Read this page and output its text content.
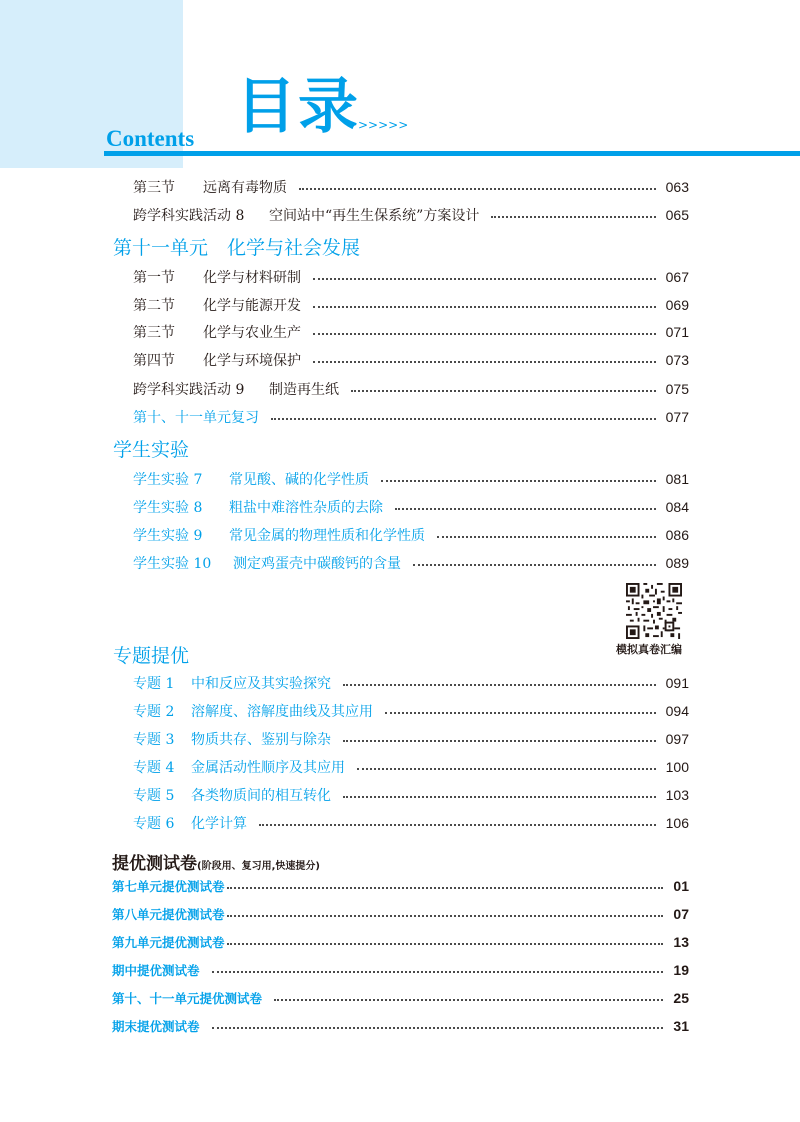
目录
>>>>>
Contents
第三节	远离有毒物质	063
跨学科实践活动 8	空间站中“再生生保系统”方案设计	065
第十一单元　化学与社会发展
第一节	化学与材料研制	067
第二节	化学与能源开发	069
第三节	化学与农业生产	071
第四节	化学与环境保护	073
跨学科实践活动 9	制造再生纸	075
第十、十一单元复习	077
学生实验
学生实验 7	常见酸、碱的化学性质	081
学生实验 8	粗盐中难溶性杂质的去除	084
学生实验 9	常见金属的物理性质和化学性质	086
学生实验 10	测定鸡蛋壳中碳酸钙的含量	089
模拟真卷汇编
专题提优
专题 1	中和反应及其实验探究	091
专题 2	溶解度、溶解度曲线及其应用	094
专题 3	物质共存、鉴别与除杂	097
专题 4	金属活动性顺序及其应用	100
专题 5	各类物质间的相互转化	103
专题 6	化学计算	106
提优测试卷(阶段用、复习用,快速提分)
第七单元提优测试卷	01
第八单元提优测试卷	07
第九单元提优测试卷	13
期中提优测试卷	19
第十、十一单元提优测试卷	25
期末提优测试卷	31
